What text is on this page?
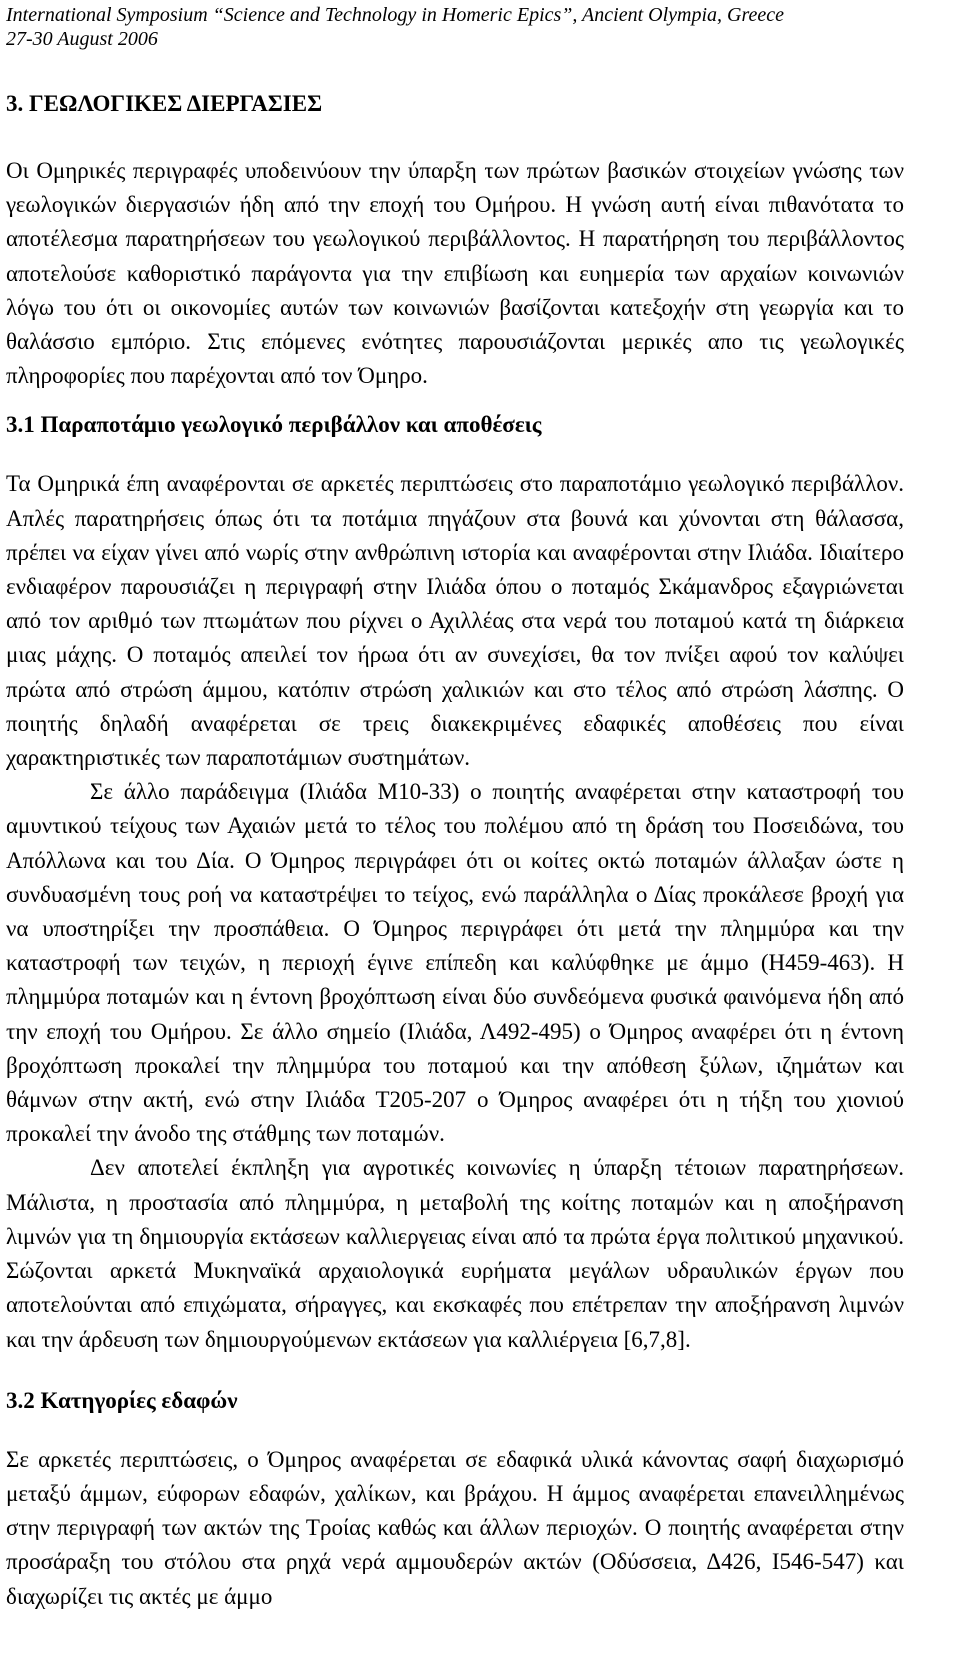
International Symposium “Science and Technology in Homeric Epics”, Ancient Olympia, Greece
27-30 August 2006
3. ΓΕΩΛΟΓΙΚΕΣ ΔΙΕΡΓΑΣΙΕΣ

Οι Ομηρικές περιγραφές υποδεινύουν την ύπαρξη των πρώτων βασικών στοιχείων γνώσης των γεωλογικών διεργασιών ήδη από την εποχή του Ομήρου. Η γνώση αυτή είναι πιθανότατα το αποτέλεσμα παρατηρήσεων του γεωλογικού περιβάλλοντος. Η παρατήρηση του περιβάλλοντος αποτελούσε καθοριστικό παράγοντα για την επιβίωση και ευημερία των αρχαίων κοινωνιών λόγω του ότι οι οικονομίες αυτών των κοινωνιών βασίζονται κατεξοχήν στη γεωργία και το θαλάσσιο εμπόριο. Στις επόμενες ενότητες παρουσιάζονται μερικές απο τις γεωλογικές πληροφορίες που παρέχονται από τον Όμηρο.

3.1 Παραποτάμιο γεωλογικό περιβάλλον και αποθέσεις

Τα Ομηρικά έπη αναφέρονται σε αρκετές περιπτώσεις στο παραποτάμιο γεωλογικό περιβάλλον. Απλές παρατηρήσεις όπως ότι τα ποτάμια πηγάζουν στα βουνά και χύνονται στη θάλασσα, πρέπει να είχαν γίνει από νωρίς στην ανθρώπινη ιστορία και αναφέρονται στην Ιλιάδα. Ιδιαίτερο ενδιαφέρον παρουσιάζει η περιγραφή στην Ιλιάδα όπου ο ποταμός Σκάμανδρος εξαγριώνεται από τον αριθμό των πτωμάτων που ρίχνει ο Αχιλλέας στα νερά του ποταμού κατά τη διάρκεια μιας μάχης. Ο ποταμός απειλεί τον ήρωα ότι αν συνεχίσει, θα τον πνίξει αφού τον καλύψει πρώτα από στρώση άμμου, κατόπιν στρώση χαλικιών και στο τέλος από στρώση λάσπης. Ο ποιητής δηλαδή αναφέρεται σε τρεις διακεκριμένες εδαφικές αποθέσεις που είναι χαρακτηριστικές των παραποτάμιων συστημάτων.

Σε άλλο παράδειγμα (Ιλιάδα Μ10-33) ο ποιητής αναφέρεται στην καταστροφή του αμυντικού τείχους των Αχαιών μετά το τέλος του πολέμου από τη δράση του Ποσειδώνα, του Απόλλωνα και του Δία. Ο Όμηρος περιγράφει ότι οι κοίτες οκτώ ποταμών άλλαξαν ώστε η συνδυασμένη τους ροή να καταστρέψει το τείχος, ενώ παράλληλα ο Δίας προκάλεσε βροχή για να υποστηρίξει την προσπάθεια. Ο Όμηρος περιγράφει ότι μετά την πλημμύρα και την καταστροφή των τειχών, η περιοχή έγινε επίπεδη και καλύφθηκε με άμμο (Η459-463). Η πλημμύρα ποταμών και η έντονη βροχόπτωση είναι δύο συνδεόμενα φυσικά φαινόμενα ήδη από την εποχή του Ομήρου. Σε άλλο σημείο (Ιλιάδα, Λ492-495) ο Όμηρος αναφέρει ότι η έντονη βροχόπτωση προκαλεί την πλημμύρα του ποταμού και την απόθεση ξύλων, ιζημάτων και θάμνων στην ακτή, ενώ στην Ιλιάδα Τ205-207 ο Όμηρος αναφέρει ότι η τήξη του χιονιού προκαλεί την άνοδο της στάθμης των ποταμών.

Δεν αποτελεί έκπληξη για αγροτικές κοινωνίες η ύπαρξη τέτοιων παρατηρήσεων. Μάλιστα, η προστασία από πλημμύρα, η μεταβολή της κοίτης ποταμών και η αποξήρανση λιμνών για τη δημιουργία εκτάσεων καλλιεργειας είναι από τα πρώτα έργα πολιτικού μηχανικού. Σώζονται αρκετά Μυκηναϊκά αρχαιολογικά ευρήματα μεγάλων υδραυλικών έργων που αποτελούνται από επιχώματα, σήραγγες, και εκσκαφές που επέτρεπαν την αποξήρανση λιμνών και την άρδευση των δημιουργούμενων εκτάσεων για καλλιέργεια [6,7,8].

3.2 Κατηγορίες εδαφών

Σε αρκετές περιπτώσεις, ο Όμηρος αναφέρεται σε εδαφικά υλικά κάνοντας σαφή διαχωρισμό μεταξύ άμμων, εύφορων εδαφών, χαλίκων, και βράχου. Η άμμος αναφέρεται επανειλλημένως στην περιγραφή των ακτών της Τροίας καθώς και άλλων περιοχών. Ο ποιητής αναφέρεται στην προσάραξη του στόλου στα ρηχά νερά αμμουδερών ακτών (Οδύσσεια, Δ426, Ι546-547) και διαχωρίζει τις ακτές με άμμο
